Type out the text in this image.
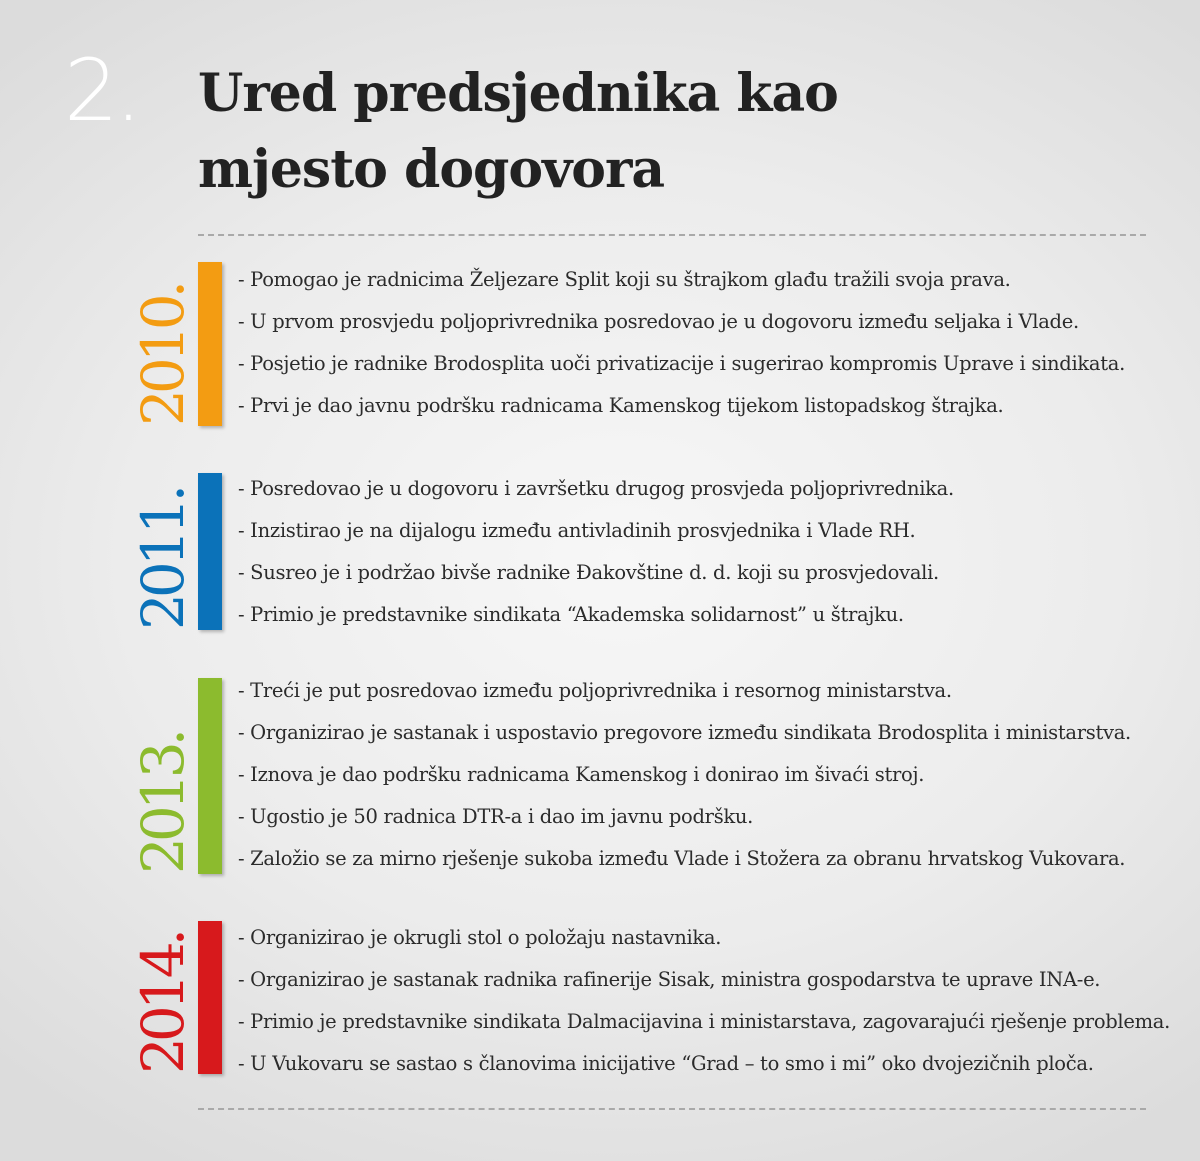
2. Ured predsjednika kao
mjesto dogovora
2010.
- Pomogao je radnicima Željezare Split koji su štrajkom glađu tražili svoja prava.
- U prvom prosvjedu poljoprivrednika posredovao je u dogovoru između seljaka i Vlade.
- Posjetio je radnike Brodosplita uoči privatizacije i sugerirao kompromis Uprave i sindikata.
- Prvi je dao javnu podršku radnicama Kamenskog tijekom listopadskog štrajka.
2011.
- Posredovao je u dogovoru i završetku drugog prosvjeda poljoprivrednika.
- Inzistirao je na dijalogu između antivladinih prosvjednika i Vlade RH.
- Susreo je i podržao bivše radnike Đakovštine d. d. koji su prosvjedovali.
- Primio je predstavnike sindikata “Akademska solidarnost” u štrajku.
2013.
- Treći je put posredovao između poljoprivrednika i resornog ministarstva.
- Organizirao je sastanak i uspostavio pregovore između sindikata Brodosplita i ministarstva.
- Iznova je dao podršku radnicama Kamenskog i donirao im šivaći stroj.
- Ugostio je 50 radnica DTR-a i dao im javnu podršku.
- Založio se za mirno rješenje sukoba između Vlade i Stožera za obranu hrvatskog Vukovara.
2014. - Organizirao je okrugli stol o položaju nastavnika.
- Organizirao je sastanak radnika rafinerije Sisak, ministra gospodarstva te uprave INA-e.
- Primio je predstavnike sindikata Dalmacijavina i ministarstava, zagovarajući rješenje problema.
- U Vukovaru se sastao s članovima inicijative “Grad – to smo i mi” oko dvojezičnih ploča.
